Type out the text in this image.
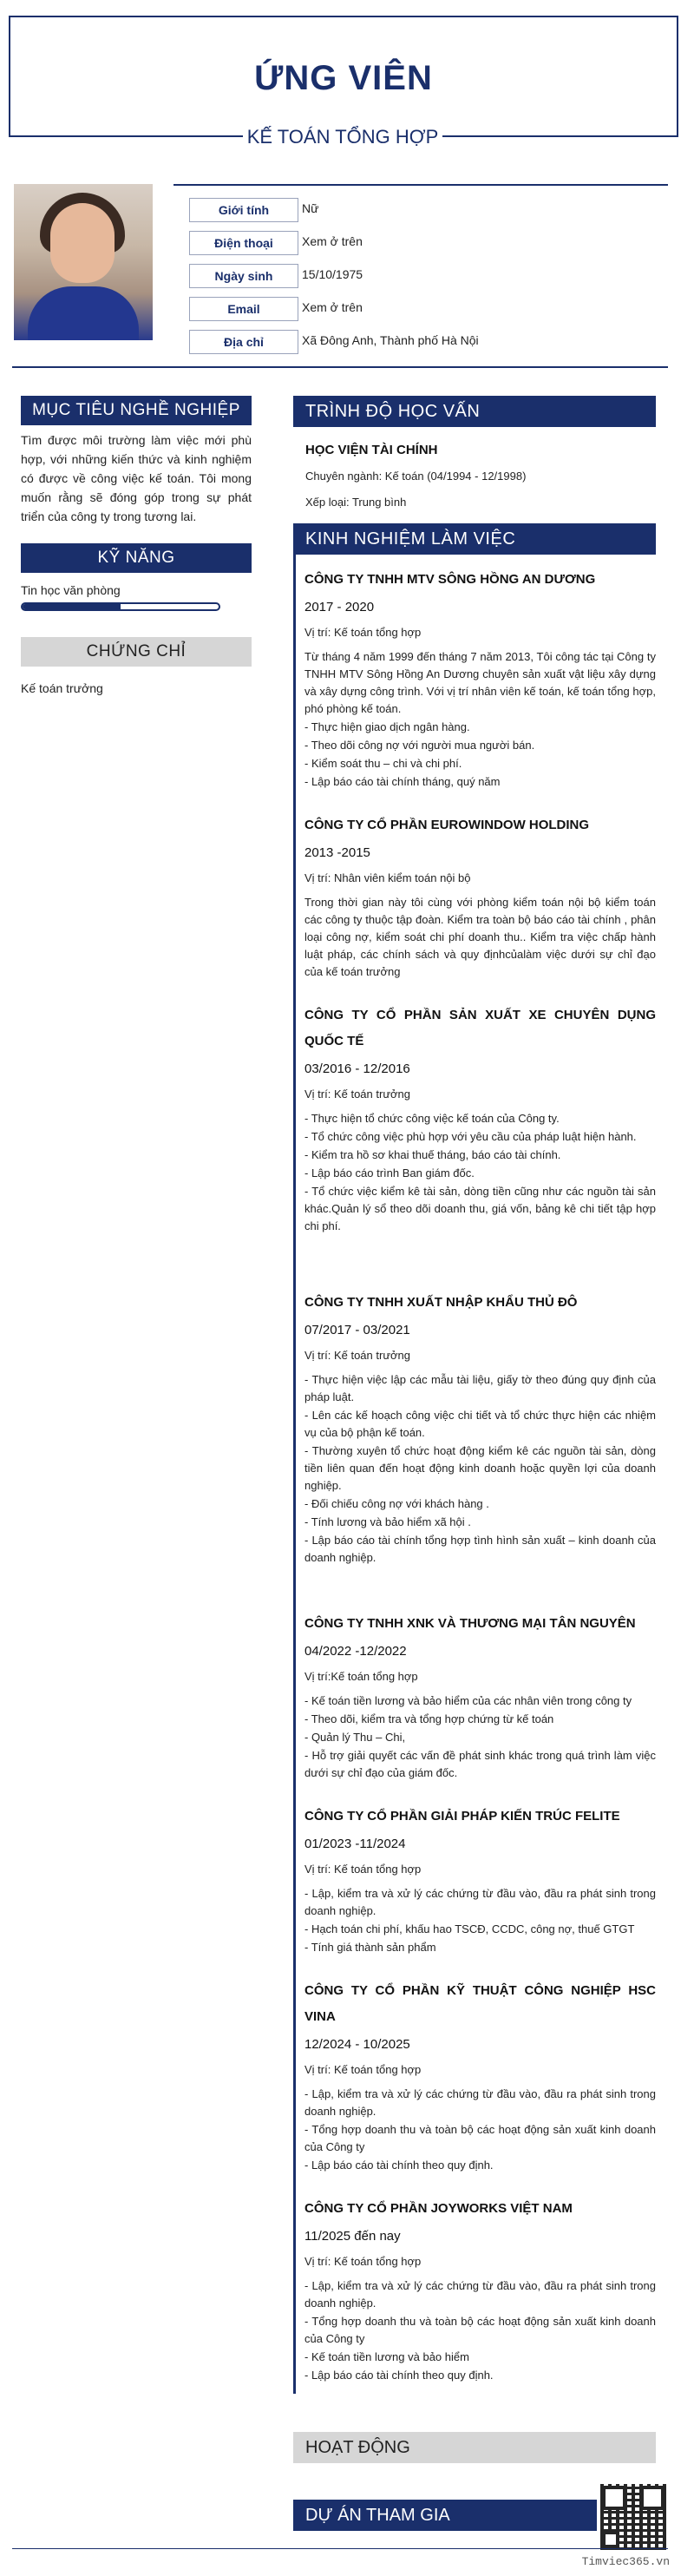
ỨNG VIÊN
KẾ TOÁN TỔNG HỢP
Giới tính	Nữ
Điện thoại	Xem ở trên
Ngày sinh	15/10/1975
Email	Xem ở trên
Địa chỉ	Xã Đông Anh, Thành phố Hà Nội
MỤC TIÊU NGHỀ NGHIỆP
Tìm được môi trường làm việc mới phù hợp, với những kiến thức và kinh nghiệm có được về công việc kế toán. Tôi mong muốn rằng sẽ đóng góp trong sự phát triển của công ty trong tương lai.
KỸ NĂNG
Tin học văn phòng
CHỨNG CHỈ
Kế toán trưởng
TRÌNH ĐỘ HỌC VẤN
HỌC VIỆN TÀI CHÍNH
Chuyên ngành: Kế toán (04/1994 - 12/1998)
Xếp loại: Trung bình
KINH NGHIỆM LÀM VIỆC
CÔNG TY TNHH MTV SÔNG HỒNG AN DƯƠNG
2017 - 2020
Vị trí: Kế toán tổng hợp
Từ tháng 4 năm 1999 đến tháng 7 năm 2013, Tôi công tác tại Công ty TNHH MTV Sông Hồng An Dương chuyên sản xuất vật liệu xây dựng và xây dựng công trình. Với vị trí nhân viên kế toán, kế toán tổng hợp, phó phòng kế toán.
- Thực hiện giao dịch ngân hàng.
- Theo dõi công nợ với người mua người bán.
- Kiểm soát thu – chi và chi phí.
- Lập báo cáo tài chính tháng, quý năm
CÔNG TY CỔ PHẦN EUROWINDOW HOLDING
2013 -2015
Vị trí: Nhân viên kiểm toán nội bộ
Trong thời gian này tôi cùng với phòng kiểm toán nội bộ kiểm toán các công ty thuộc tập đoàn. Kiểm tra toàn bộ báo cáo tài chính , phân loại công nợ, kiểm soát chi phí doanh thu.. Kiểm tra việc chấp hành luật pháp, các chính sách và quy địnhcủalàm việc dưới sự chỉ đạo của kế toán trưởng
CÔNG TY CỔ PHẦN SẢN XUẤT XE CHUYÊN DỤNG QUỐC TẾ
03/2016 - 12/2016
Vị trí: Kế toán trưởng
- Thực hiện tổ chức công việc kế toán của Công ty.
- Tổ chức công việc phù hợp với yêu cầu của pháp luật hiện hành.
- Kiểm tra hồ sơ khai thuế tháng, báo cáo tài chính.
- Lập báo cáo trình Ban giám đốc.
- Tổ chức việc kiểm kê tài sản, dòng tiền cũng như các nguồn tài sản khác.Quản lý sổ theo dõi doanh thu, giá vốn, bảng kê chi tiết tập hợp chi phí.
CÔNG TY TNHH XUẤT NHẬP KHẨU THỦ ĐÔ
07/2017 - 03/2021
Vị trí: Kế toán trưởng
- Thực hiện việc lập các mẫu tài liệu, giấy tờ theo đúng quy định của pháp luật.
- Lên các kế hoạch công việc chi tiết và tổ chức thực hiện các nhiệm vụ của bộ phận kế toán.
- Thường xuyên tổ chức hoạt động kiểm kê các nguồn tài sản, dòng tiền liên quan đến hoạt động kinh doanh hoặc quyền lợi của doanh nghiệp.
- Đối chiếu công nợ với khách hàng .
- Tính lương và bảo hiểm xã hội .
- Lập báo cáo tài chính tổng hợp tình hình sản xuất – kinh doanh của doanh nghiệp.
CÔNG TY TNHH XNK VÀ THƯƠNG MẠI TÂN NGUYÊN
04/2022 -12/2022
Vị trí:Kế toán tổng hợp
- Kế toán tiền lương và bảo hiểm của các nhân viên trong công ty
- Theo dõi, kiểm tra và tổng hợp chứng từ kế toán
- Quản lý Thu – Chi,
- Hỗ trợ giải quyết các vấn đề phát sinh khác trong quá trình làm việc dưới sự chỉ đạo của giám đốc.
CÔNG TY CỔ PHẦN GIẢI PHÁP KIẾN TRÚC FELITE
01/2023 -11/2024
Vị trí: Kế toán tổng hợp
- Lập, kiểm tra và xử lý các chứng từ đầu vào, đầu ra phát sinh trong doanh nghiệp.
- Hạch toán chi phí, khấu hao TSCĐ, CCDC, công nợ, thuế GTGT
- Tính giá thành sản phẩm
CÔNG TY CỔ PHẦN KỸ THUẬT CÔNG NGHIỆP HSC VINA
12/2024 - 10/2025
Vị trí: Kế toán tổng hợp
- Lập, kiểm tra và xử lý các chứng từ đầu vào, đầu ra phát sinh trong doanh nghiệp.
- Tổng hợp doanh thu và toàn bộ các hoạt động sản xuất kinh doanh của Công ty
- Lập báo cáo tài chính theo quy định.
CÔNG TY CỔ PHẦN JOYWORKS VIỆT NAM
11/2025 đến nay
Vị trí: Kế toán tổng hợp
- Lập, kiểm tra và xử lý các chứng từ đầu vào, đầu ra phát sinh trong doanh nghiệp.
- Tổng hợp doanh thu và toàn bộ các hoạt động sản xuất kinh doanh của Công ty
- Kế toán tiền lương và bảo hiểm
- Lập báo cáo tài chính theo quy định.
HOẠT ĐỘNG
DỰ ÁN THAM GIA
Timviec365.vn
